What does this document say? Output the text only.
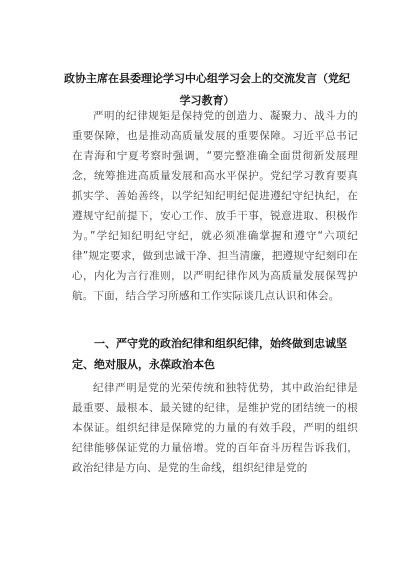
政协主席在县委理论学习中心组学习会上的交流发言（党纪学习教育）

严明的纪律规矩是保持党的创造力、凝聚力、战斗力的重要保障，也是推动高质量发展的重要保障。习近平总书记在青海和宁夏考察时强调，“要完整准确全面贯彻新发展理念，统筹推进高质量发展和高水平保护。党纪学习教育要真抓实学、善始善终，以学纪知纪明纪促进遵纪守纪执纪，在遵规守纪前提下，安心工作、放手干事，锐意进取、积极作为。”学纪知纪明纪守纪，就必须准确掌握和遵守“六项纪律”规定要求，做到忠诚干净、担当清廉，把遵规守纪刻印在心，内化为言行准则，以严明纪律作风为高质量发展保驾护航。下面，结合学习所感和工作实际谈几点认识和体会。

一、严守党的政治纪律和组织纪律，始终做到忠诚坚定、绝对服从，永葆政治本色

纪律严明是党的光荣传统和独特优势，其中政治纪律是最重要、最根本、最关键的纪律，是维护党的团结统一的根本保证。组织纪律是保障党的力量的有效手段，严明的组织纪律能够保证党的力量倍增。党的百年奋斗历程告诉我们，政治纪律是方向、是党的生命线，组织纪律是党的
